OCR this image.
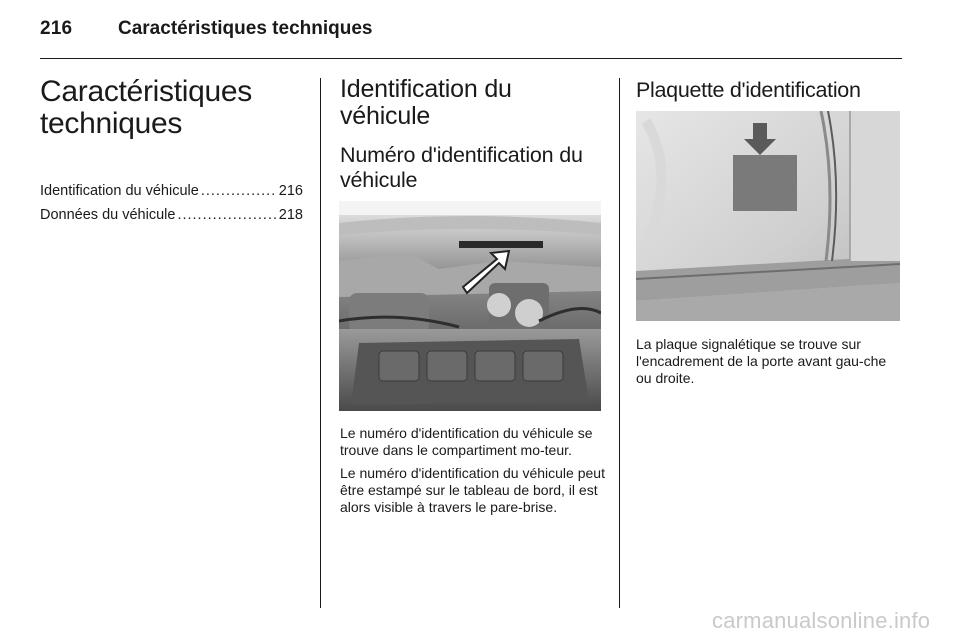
216 Caractéristiques techniques
Caractéristiques
techniques
Identification du véhicule .....	216
Données du véhicule .....	218
Identification du
véhicule
Numéro d'identification du
véhicule

Le numéro d'identification du véhicule se trouve dans le compartiment mo-teur.

Le numéro d'identification du véhicule peut être estampé sur le tableau de bord, il est alors visible à travers le pare-brise.

Plaquette d'identification

La plaque signalétique se trouve sur l'encadrement de la porte avant gau-che ou droite.

carmanualsonline.info
